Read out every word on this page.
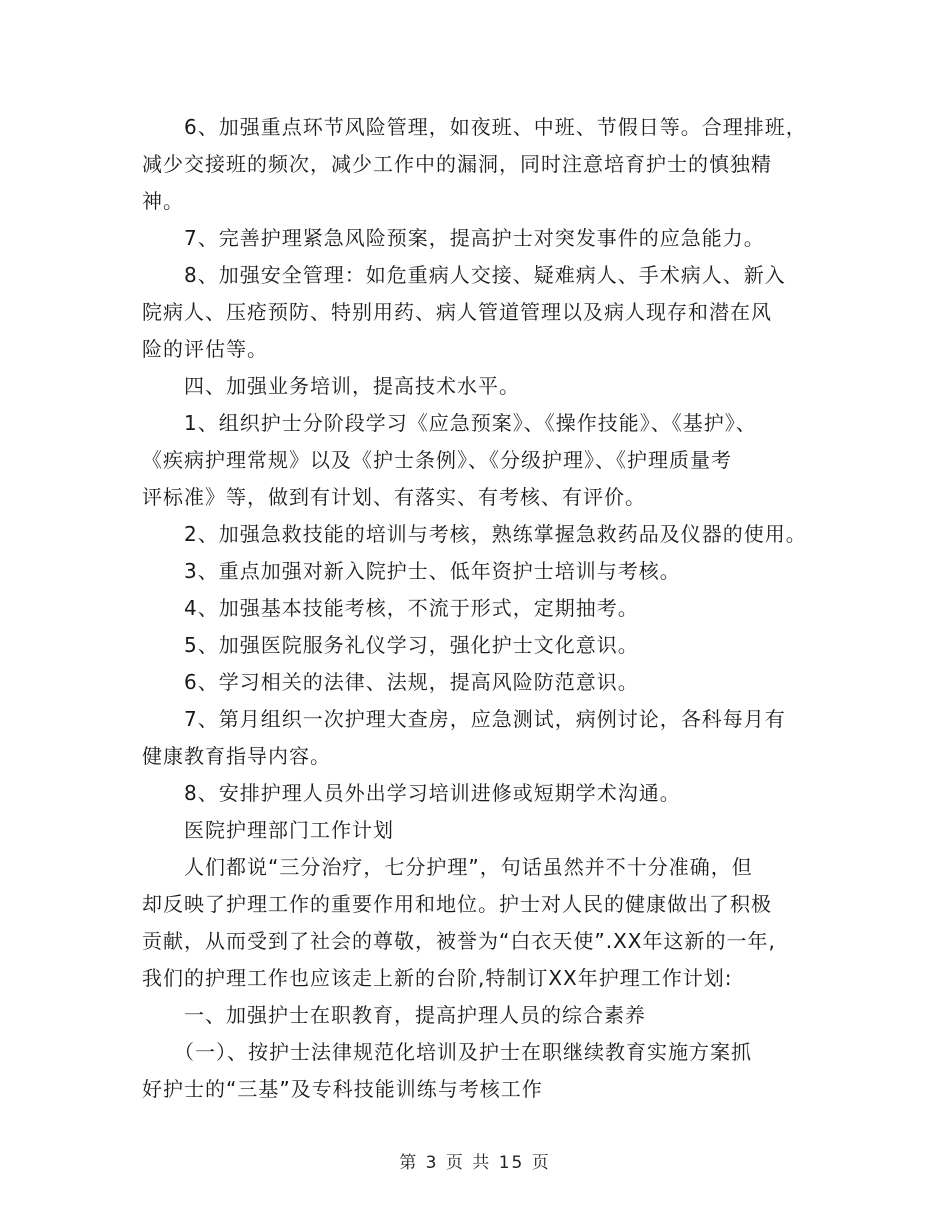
　　6、加强重点环节风险管理，如夜班、中班、节假日等。合理排班，
减少交接班的频次，减少工作中的漏洞，同时注意培育护士的慎独精
神。
　　7、完善护理紧急风险预案，提高护士对突发事件的应急能力。
　　8、加强安全管理：如危重病人交接、疑难病人、手术病人、新入
院病人、压疮预防、特别用药、病人管道管理以及病人现存和潜在风
险的评估等。
　　四、加强业务培训，提高技术水平。
　　1、组织护士分阶段学习《应急预案》、《操作技能》、《基护》、
《疾病护理常规》以及《护士条例》、《分级护理》、《护理质量考
评标准》等，做到有计划、有落实、有考核、有评价。
　　2、加强急救技能的培训与考核，熟练掌握急救药品及仪器的使用。
　　3、重点加强对新入院护士、低年资护士培训与考核。
　　4、加强基本技能考核，不流于形式，定期抽考。
　　5、加强医院服务礼仪学习，强化护士文化意识。
　　6、学习相关的法律、法规，提高风险防范意识。
　　7、第月组织一次护理大查房，应急测试，病例讨论，各科每月有
健康教育指导内容。
　　8、安排护理人员外出学习培训进修或短期学术沟通。
　　医院护理部门工作计划
　　人们都说“三分治疗，七分护理”，句话虽然并不十分准确，但
却反映了护理工作的重要作用和地位。护士对人民的健康做出了积极
贡献，从而受到了社会的尊敬，被誉为“白衣天使”.XX年这新的一年,
我们的护理工作也应该走上新的台阶,特制订XX年护理工作计划:
　　一、加强护士在职教育，提高护理人员的综合素养
　　（一）、按护士法律规范化培训及护士在职继续教育实施方案抓
好护士的“三基”及专科技能训练与考核工作
第 3 页 共 15 页
